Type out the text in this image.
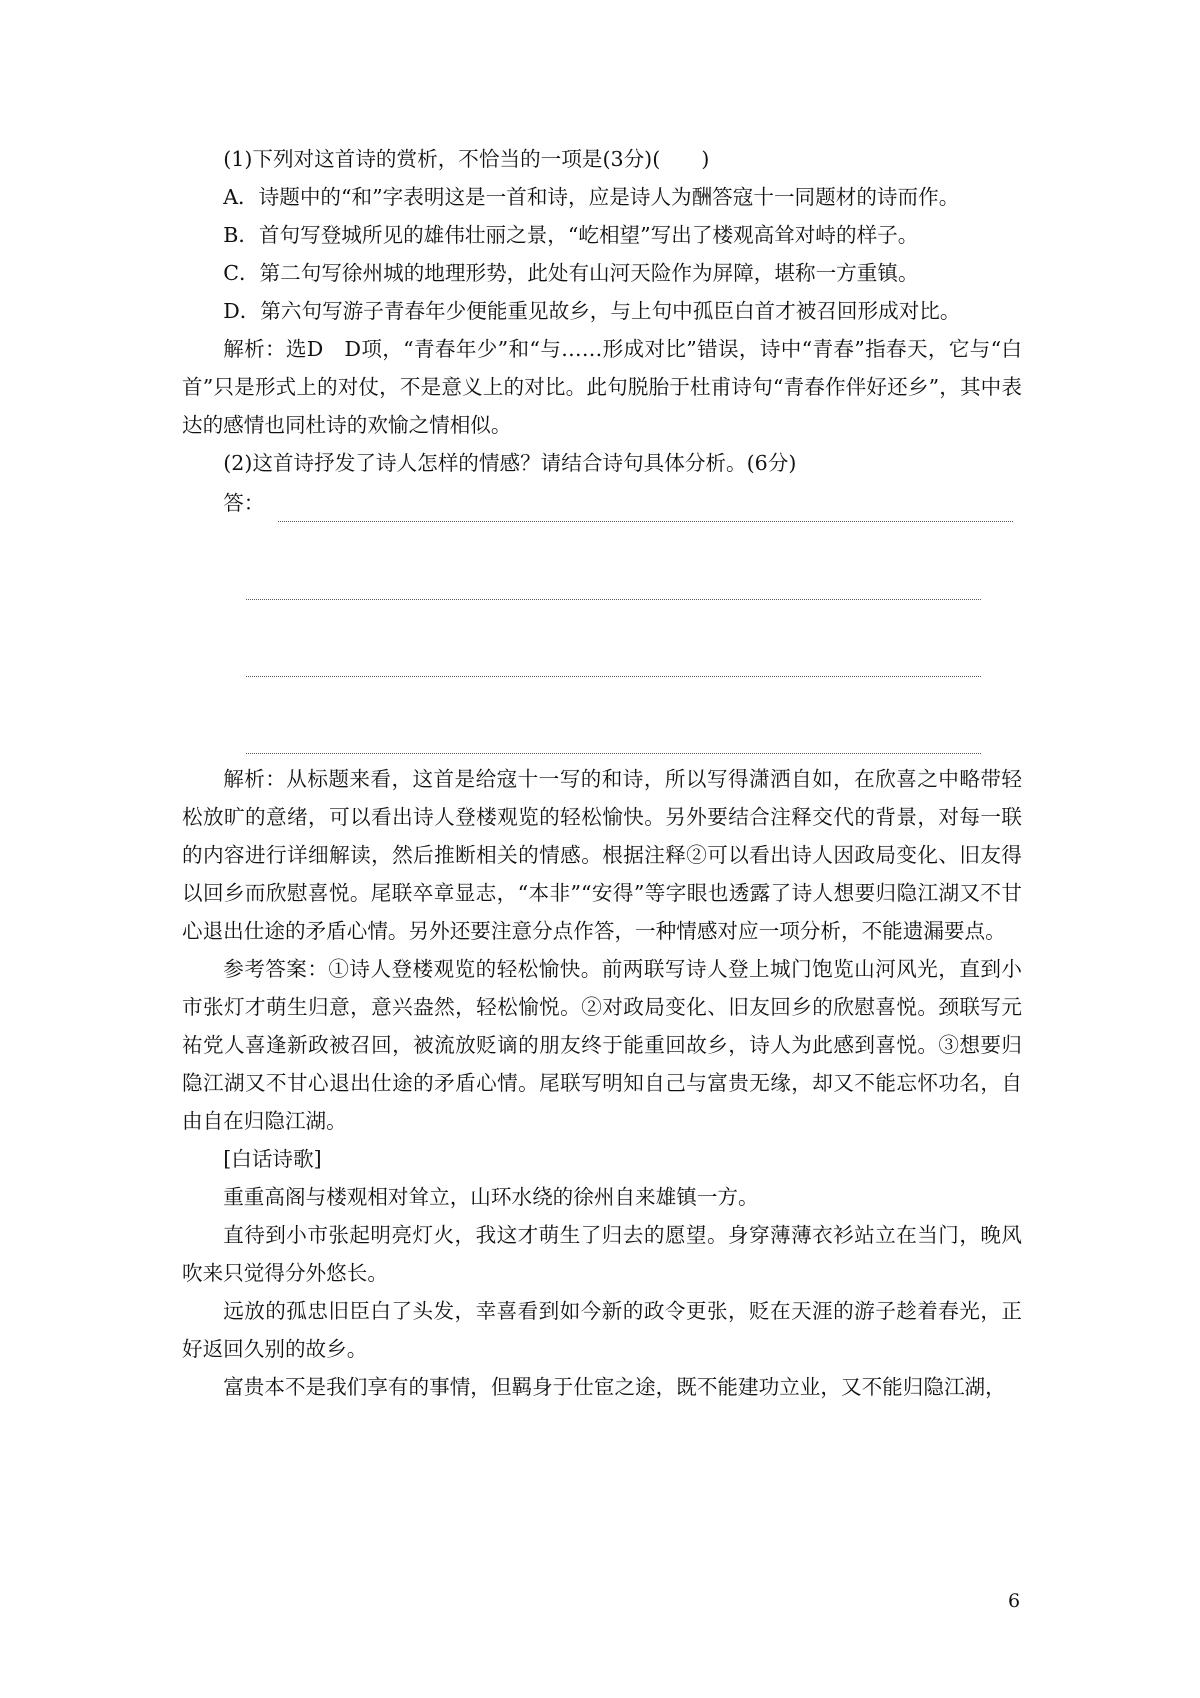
(1)下列对这首诗的赏析，不恰当的一项是(3分)(　　)

A．诗题中的“和”字表明这是一首和诗，应是诗人为酬答寇十一同题材的诗而作。

B．首句写登城所见的雄伟壮丽之景，“屹相望”写出了楼观高耸对峙的样子。

C．第二句写徐州城的地理形势，此处有山河天险作为屏障，堪称一方重镇。

D．第六句写游子青春年少便能重见故乡，与上句中孤臣白首才被召回形成对比。

解析：选D　D项，“青春年少”和“与……形成对比”错误，诗中“青春”指春天，它与“白首”只是形式上的对仗，不是意义上的对比。此句脱胎于杜甫诗句“青春作伴好还乡”，其中表达的感情也同杜诗的欢愉之情相似。

(2)这首诗抒发了诗人怎样的情感？请结合诗句具体分析。(6分)

答：

解析：从标题来看，这首是给寇十一写的和诗，所以写得潇洒自如，在欣喜之中略带轻松放旷的意绪，可以看出诗人登楼观览的轻松愉快。另外要结合注释交代的背景，对每一联的内容进行详细解读，然后推断相关的情感。根据注释②可以看出诗人因政局变化、旧友得以回乡而欣慰喜悦。尾联卒章显志，“本非”“安得”等字眼也透露了诗人想要归隐江湖又不甘心退出仕途的矛盾心情。另外还要注意分点作答，一种情感对应一项分析，不能遗漏要点。

参考答案：①诗人登楼观览的轻松愉快。前两联写诗人登上城门饱览山河风光，直到小市张灯才萌生归意，意兴盎然，轻松愉悦。②对政局变化、旧友回乡的欣慰喜悦。颈联写元祐党人喜逢新政被召回，被流放贬谪的朋友终于能重回故乡，诗人为此感到喜悦。③想要归隐江湖又不甘心退出仕途的矛盾心情。尾联写明知自己与富贵无缘，却又不能忘怀功名，自由自在归隐江湖。

[白话诗歌]

重重高阁与楼观相对耸立，山环水绕的徐州自来雄镇一方。

直待到小市张起明亮灯火，我这才萌生了归去的愿望。身穿薄薄衣衫站立在当门，晚风吹来只觉得分外悠长。

远放的孤忠旧臣白了头发，幸喜看到如今新的政令更张，贬在天涯的游子趁着春光，正好返回久别的故乡。

富贵本不是我们享有的事情，但羁身于仕宦之途，既不能建功立业，又不能归隐江湖，

6
